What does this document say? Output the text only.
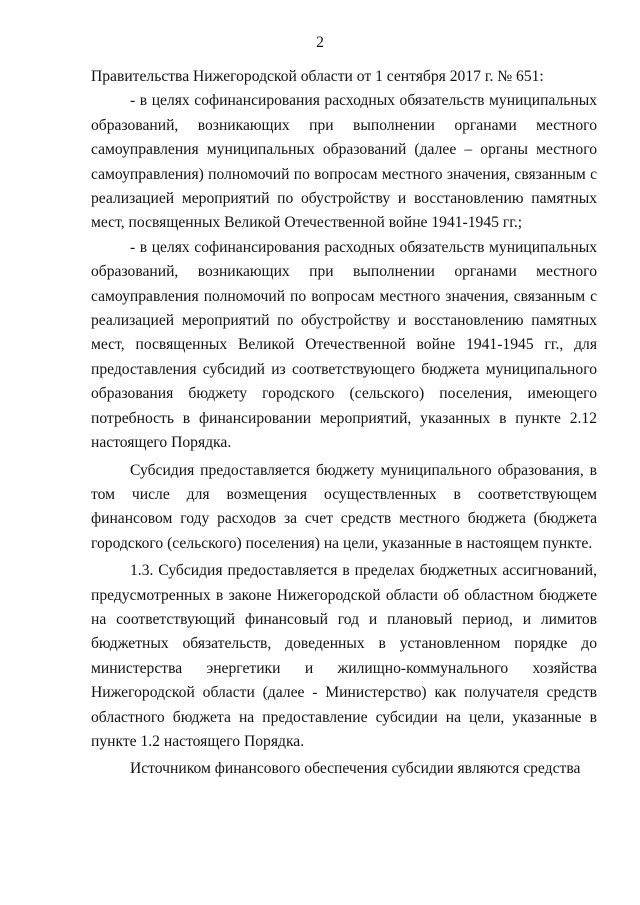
2

Правительства Нижегородской области от 1 сентября 2017 г. № 651:

- в целях софинансирования расходных обязательств муниципальных образований, возникающих при выполнении органами местного самоуправления муниципальных образований (далее – органы местного самоуправления) полномочий по вопросам местного значения, связанным с реализацией мероприятий по обустройству и восстановлению памятных мест, посвященных Великой Отечественной войне 1941-1945 гг.;

- в целях софинансирования расходных обязательств муниципальных образований, возникающих при выполнении органами местного самоуправления полномочий по вопросам местного значения, связанным с реализацией мероприятий по обустройству и восстановлению памятных мест, посвященных Великой Отечественной войне 1941-1945 гг., для предоставления субсидий из соответствующего бюджета муниципального образования бюджету городского (сельского) поселения, имеющего потребность в финансировании мероприятий, указанных в пункте 2.12 настоящего Порядка.

Субсидия предоставляется бюджету муниципального образования, в том числе для возмещения осуществленных в соответствующем финансовом году расходов за счет средств местного бюджета (бюджета городского (сельского) поселения) на цели, указанные в настоящем пункте.

1.3. Субсидия предоставляется в пределах бюджетных ассигнований, предусмотренных в законе Нижегородской области об областном бюджете на соответствующий финансовый год и плановый период, и лимитов бюджетных обязательств, доведенных в установленном порядке до министерства энергетики и жилищно-коммунального хозяйства Нижегородской области (далее - Министерство) как получателя средств областного бюджета на предоставление субсидии на цели, указанные в пункте 1.2 настоящего Порядка.

Источником финансового обеспечения субсидии являются средства
